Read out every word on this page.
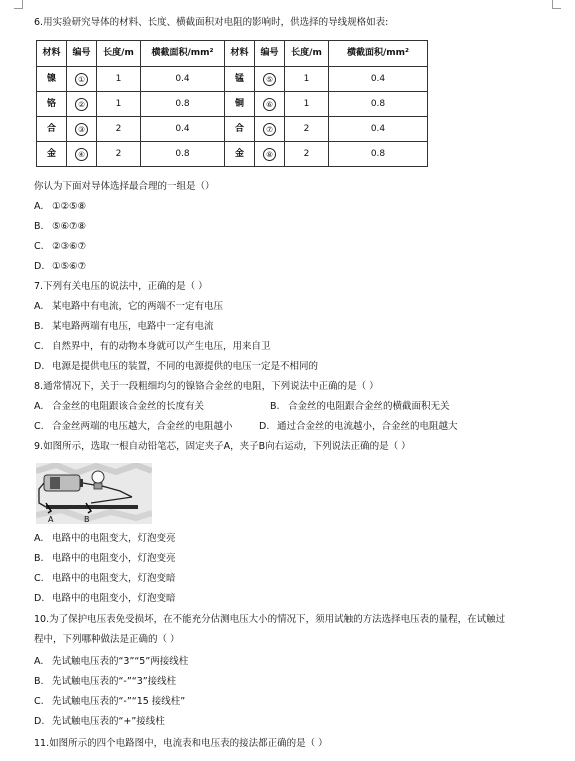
6.用实验研究导体的材料、长度、横截面积对电阻的影响时，供选择的导线规格如表:
材料	编号	长度/m	横截面积/mm²	材料	编号	长度/m	横截面积/mm²
镍	①	1	0.4	锰	⑤	1	0.4
铬	②	1	0.8	铜	⑥	1	0.8
合	③	2	0.4	合	⑦	2	0.4
金	④	2	0.8	金	⑧	2	0.8
你认为下面对导体选择最合理的一组是（）
A. ①②⑤⑧
B. ⑤⑥⑦⑧
C. ②③⑥⑦
D. ①⑤⑥⑦
7.下列有关电压的说法中，正确的是（ ）
A. 某电路中有电流，它的两端不一定有电压
B. 某电路两端有电压，电路中一定有电流
C. 自然界中，有的动物本身就可以产生电压，用来自卫
D. 电源是提供电压的装置，不同的电源提供的电压一定是不相同的
8.通常情况下，关于一段粗细均匀的镍铬合金丝的电阻，下列说法中正确的是（ ）
A. 合金丝的电阻跟该合金丝的长度有关	B. 合金丝的电阻跟合金丝的横截面积无关
C. 合金丝两端的电压越大，合金丝的电阻越小	D. 通过合金丝的电流越小，合金丝的电阻越大
9.如图所示，选取一根自动铅笔芯，固定夹子A，夹子B向右运动，下列说法正确的是（ ）
A	B
A. 电路中的电阻变大，灯泡变亮
B. 电路中的电阻变小，灯泡变亮
C. 电路中的电阻变大，灯泡变暗
D. 电路中的电阻变小，灯泡变暗
10.为了保护电压表免受损坏，在不能充分估测电压大小的情况下，须用试触的方法选择电压表的量程，在试触过
程中，下列哪种做法是正确的（ ）
A. 先试触电压表的“3”“5”两接线柱
B. 先试触电压表的“-”“3”接线柱
C. 先试触电压表的“-”“15 接线柱”
D. 先试触电压表的“+”接线柱
11.如图所示的四个电路图中，电流表和电压表的接法都正确的是（ ）
